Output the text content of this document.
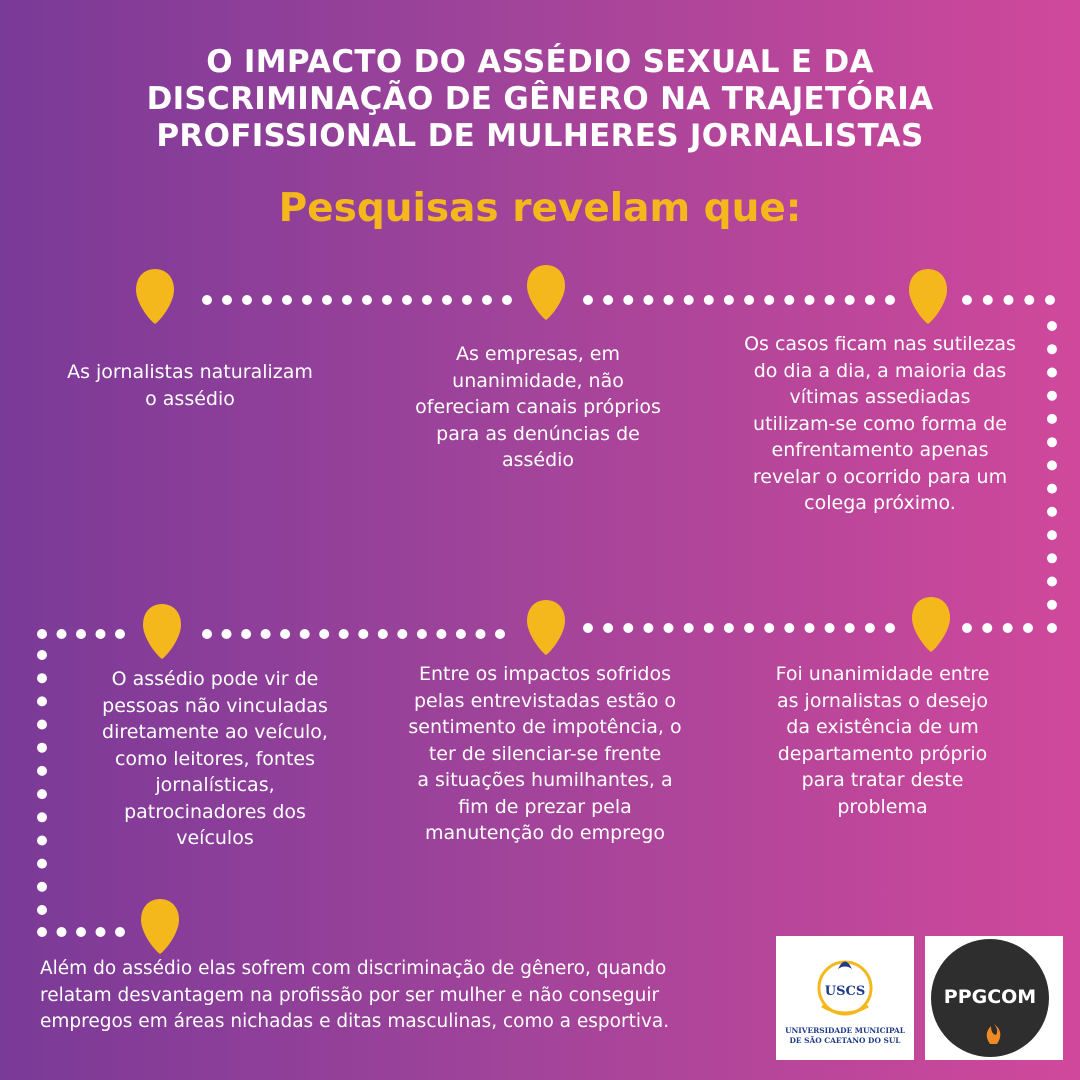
O IMPACTO DO ASSÉDIO SEXUAL E DA
DISCRIMINAÇÃO DE GÊNERO NA TRAJETÓRIA
PROFISSIONAL DE MULHERES JORNALISTAS
Pesquisas revelam que:
As jornalistas naturalizam
o assédio
As empresas, em
unanimidade, não
ofereciam canais próprios
para as denúncias de
assédio
Os casos ficam nas sutilezas
do dia a dia, a maioria das
vítimas assediadas
utilizam-se como forma de
enfrentamento apenas
revelar o ocorrido para um
colega próximo.
Foi unanimidade entre
as jornalistas o desejo
da existência de um
departamento próprio
para tratar deste
problema
Entre os impactos sofridos
pelas entrevistadas estão o
sentimento de impotência, o
ter de silenciar-se frente
a situações humilhantes, a
fim de prezar pela
manutenção do emprego
O assédio pode vir de
pessoas não vinculadas
diretamente ao veículo,
como leitores, fontes
jornalísticas,
patrocinadores dos
veículos
Além do assédio elas sofrem com discriminação de gênero, quando
relatam desvantagem na profissão por ser mulher e não conseguir
empregos em áreas nichadas e ditas masculinas, como a esportiva.
USCS
UNIVERSIDADE MUNICIPAL
DE SÃO CAETANO DO SUL
PPGCOM
